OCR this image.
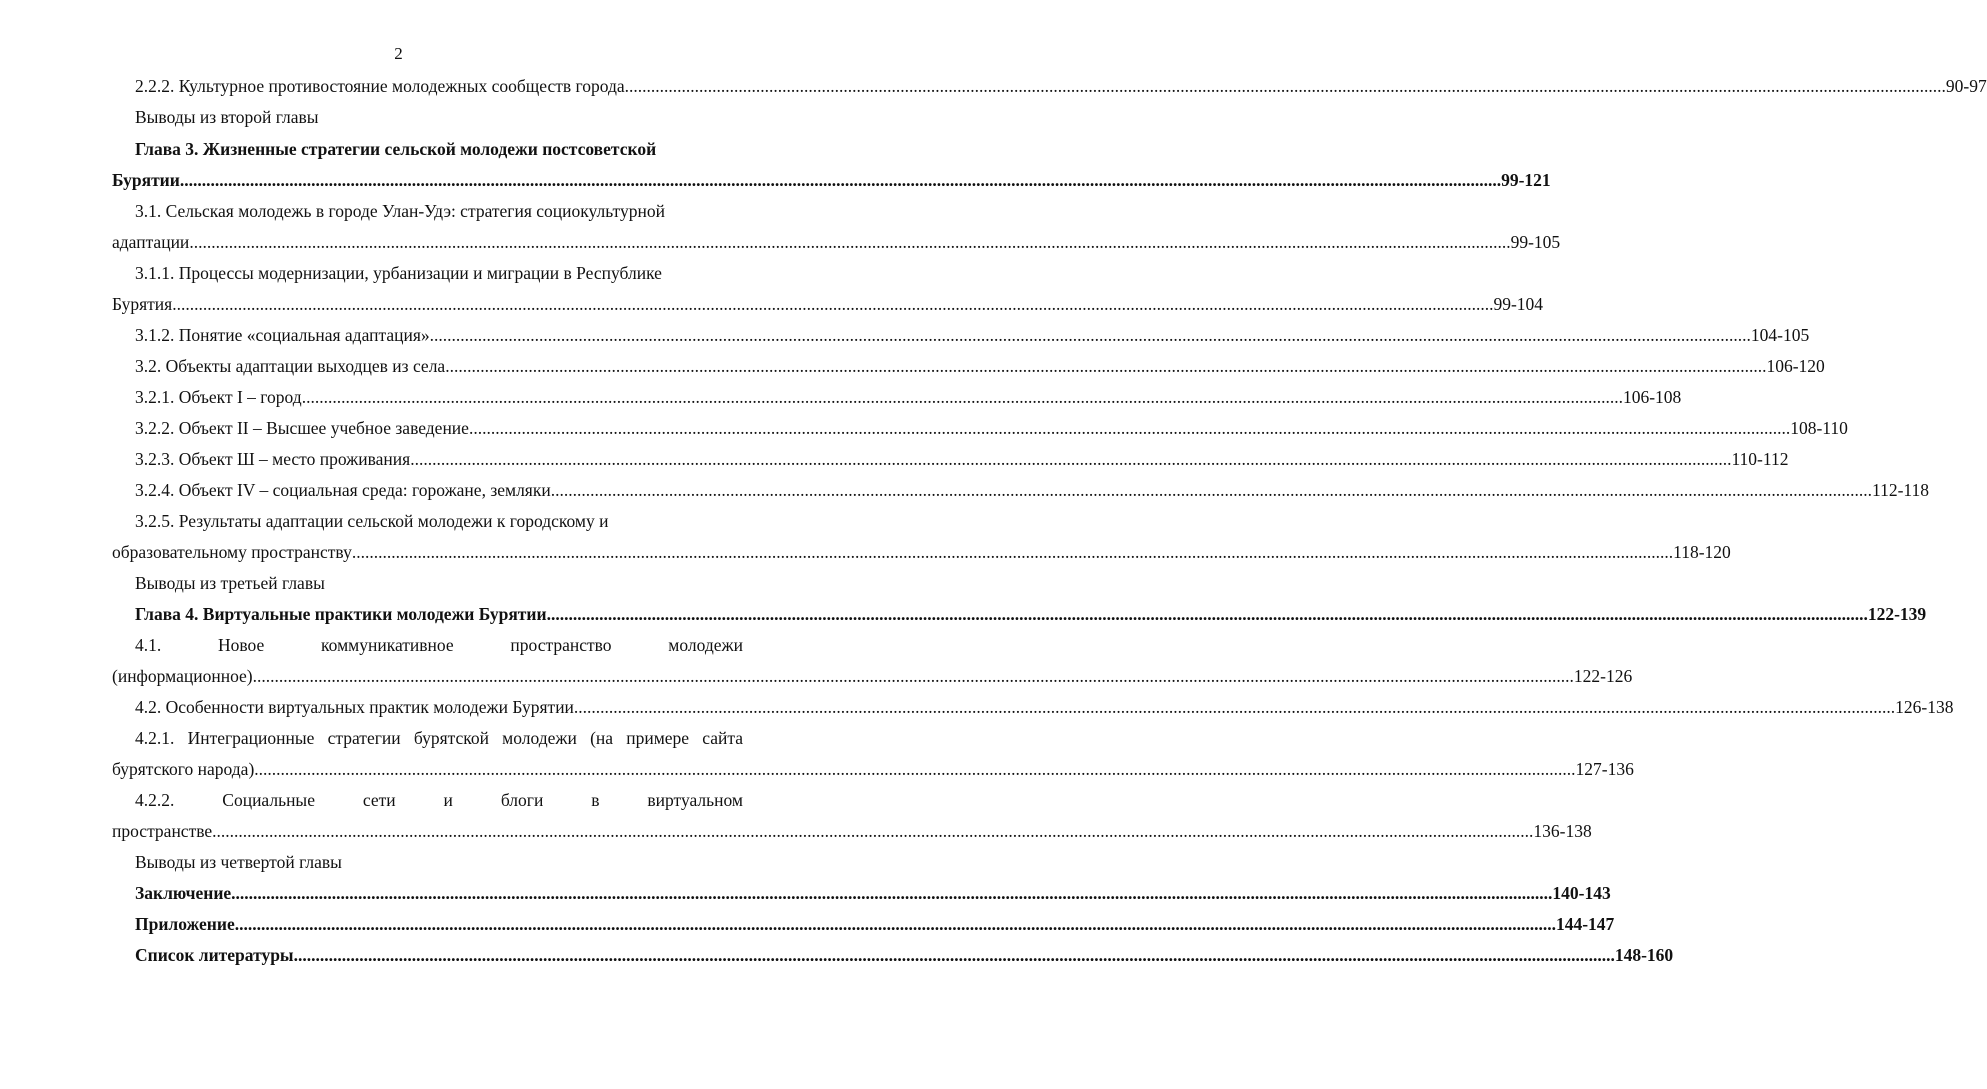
2
2.2.2. Культурное противостояние молодежных сообществ города .............................................................................................................................................................................................................................................................................................................. 90-97
Выводы из второй главы
Глава 3. Жизненные стратегии сельской молодежи постсоветской
Бурятии .............................................................................................................................................................................................................................................................................................................. 99-121
3.1. Сельская молодежь в городе Улан-Удэ: стратегия социокультурной
адаптации .............................................................................................................................................................................................................................................................................................................. 99-105
3.1.1. Процессы модернизации, урбанизации и миграции в Республике
Бурятия .............................................................................................................................................................................................................................................................................................................. 99-104
3.1.2. Понятие «социальная адаптация» .............................................................................................................................................................................................................................................................................................................. 104-105
3.2. Объекты адаптации выходцев из села .............................................................................................................................................................................................................................................................................................................. 106-120
3.2.1. Объект I – город .............................................................................................................................................................................................................................................................................................................. 106-108
3.2.2. Объект II – Высшее учебное заведение .............................................................................................................................................................................................................................................................................................................. 108-110
3.2.3. Объект Ш – место проживания .............................................................................................................................................................................................................................................................................................................. 110-112
3.2.4. Объект IV – социальная среда: горожане, земляки .............................................................................................................................................................................................................................................................................................................. 112-118
3.2.5. Результаты адаптации сельской молодежи к городскому и
образовательному пространству .............................................................................................................................................................................................................................................................................................................. 118-120
Выводы из третьей главы
Глава 4. Виртуальные практики молодежи Бурятии .............................................................................................................................................................................................................................................................................................................. 122-139
4.1.	Новое	коммуникативное	пространство	молодежи
(информационное) .............................................................................................................................................................................................................................................................................................................. 122-126
4.2. Особенности виртуальных практик молодежи Бурятии .............................................................................................................................................................................................................................................................................................................. 126-138
4.2.1. Интеграционные стратегии бурятской молодежи (на примере сайта
бурятского народа) .............................................................................................................................................................................................................................................................................................................. 127-136
4.2.2.	Социальные	сети	и	блоги	в	виртуальном
пространстве .............................................................................................................................................................................................................................................................................................................. 136-138
Выводы из четвертой главы
Заключение .............................................................................................................................................................................................................................................................................................................. 140-143
Приложение .............................................................................................................................................................................................................................................................................................................. 144-147
Список литературы .............................................................................................................................................................................................................................................................................................................. 148-160
